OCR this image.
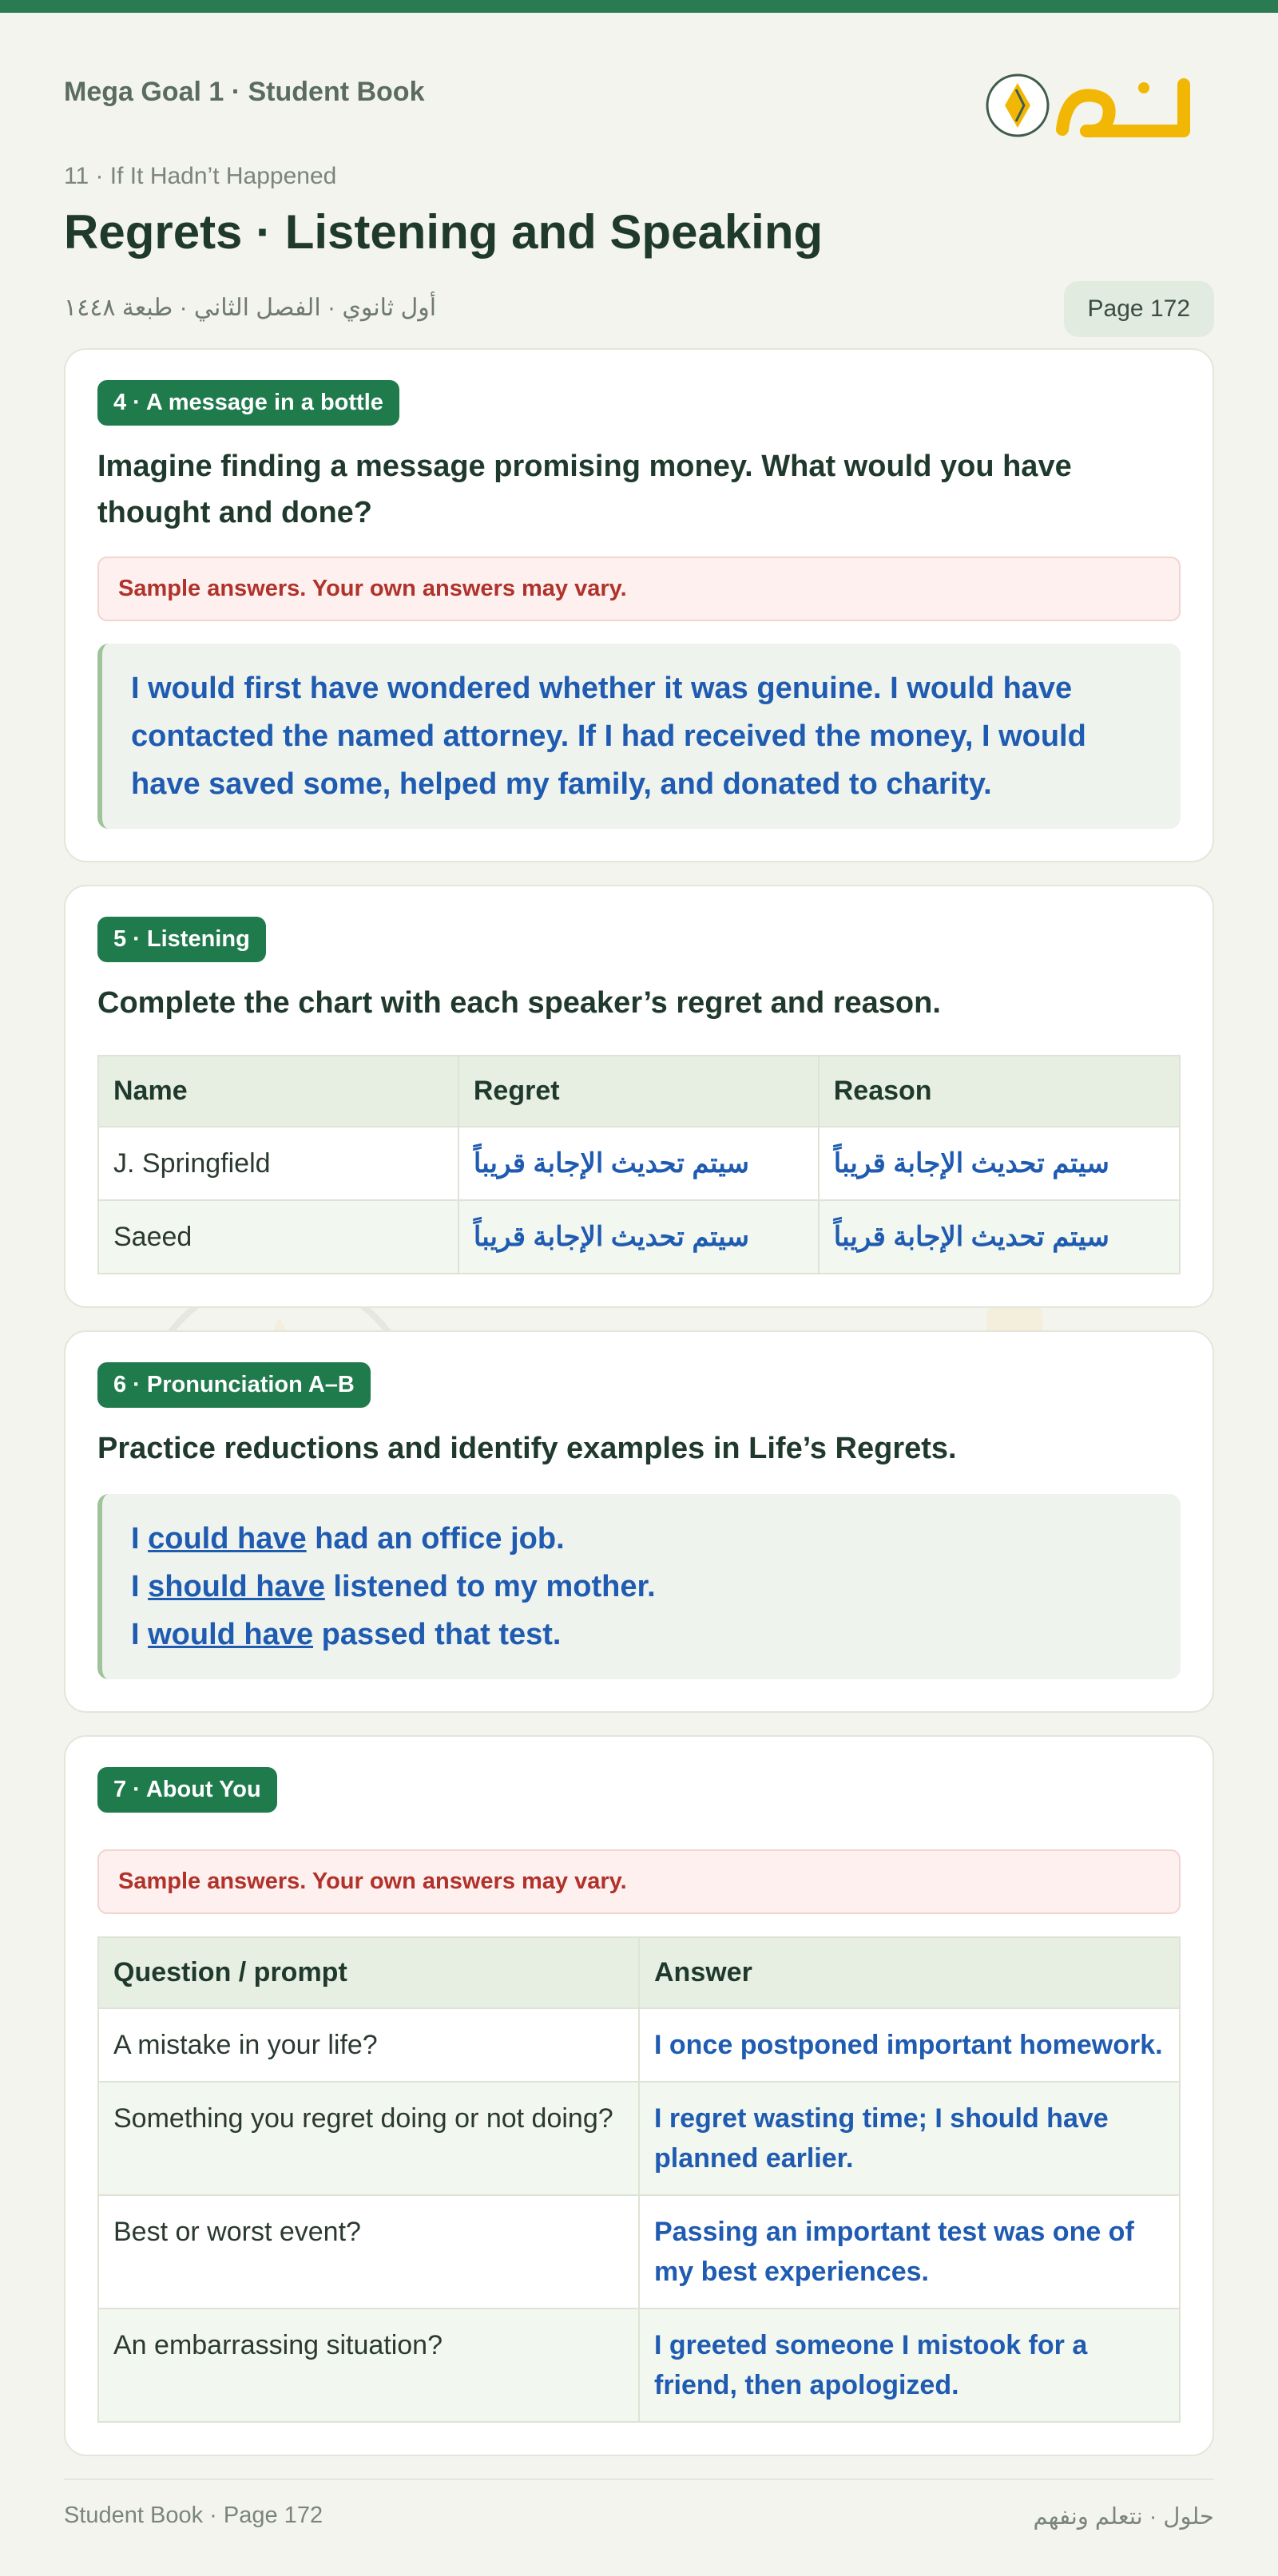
Mega Goal 1 · Student Book
11 · If It Hadn’t Happened
Regrets · Listening and Speaking
أول ثانوي · الفصل الثاني · طبعة ١٤٤٨	Page 172
4 · A message in a bottle
Imagine finding a message promising money. What would you have thought and done?
Sample answers. Your own answers may vary.
I would first have wondered whether it was genuine. I would have contacted the named attorney. If I had received the money, I would have saved some, helped my family, and donated to charity.
5 · Listening
Complete the chart with each speaker’s regret and reason.
Name	Regret	Reason
J. Springfield	سيتم تحديث الإجابة قريباً	سيتم تحديث الإجابة قريباً
Saeed	سيتم تحديث الإجابة قريباً	سيتم تحديث الإجابة قريباً
6 · Pronunciation A–B
Practice reductions and identify examples in Life’s Regrets.
I could have had an office job.
I should have listened to my mother.
I would have passed that test.
7 · About You
Sample answers. Your own answers may vary.
Question / prompt	Answer
A mistake in your life?	I once postponed important homework.
Something you regret doing or not doing?	I regret wasting time; I should have planned earlier.
Best or worst event?	Passing an important test was one of my best experiences.
An embarrassing situation?	I greeted someone I mistook for a friend, then apologized.
Student Book · Page 172	حلول · نتعلم ونفهم
